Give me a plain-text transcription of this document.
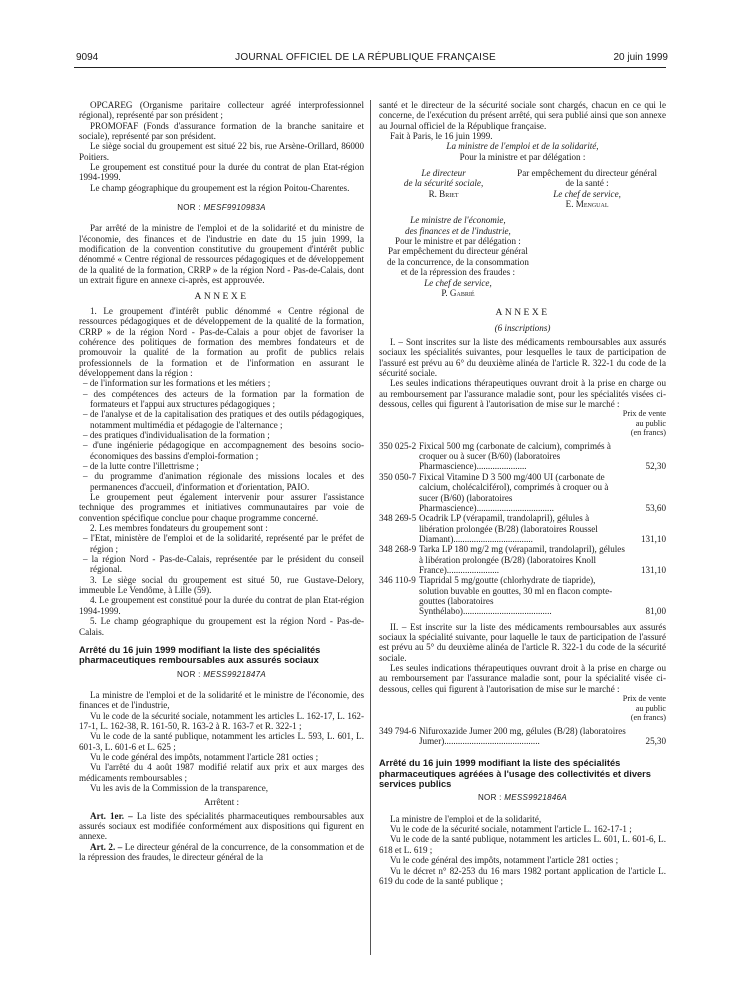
9094	JOURNAL OFFICIEL DE LA RÉPUBLIQUE FRANÇAISE	20 juin 1999

OPCAREG (Organisme paritaire collecteur agréé interprofessionnel régional), représenté par son président ;

PROMOFAF (Fonds d'assurance formation de la branche sanitaire et sociale), représenté par son président.

Le siège social du groupement est situé 22 bis, rue Arsène-Orillard, 86000 Poitiers.

Le groupement est constitué pour la durée du contrat de plan Etat-région 1994-1999.

Le champ géographique du groupement est la région Poitou-Charentes.

NOR : MESF9910983A

Par arrêté de la ministre de l'emploi et de la solidarité et du ministre de l'économie, des finances et de l'industrie en date du 15 juin 1999, la modification de la convention constitutive du groupement d'intérêt public dénommé « Centre régional de ressources pédagogiques et de développement de la qualité de la formation, CRRP » de la région Nord - Pas-de-Calais, dont un extrait figure en annexe ci-après, est approuvée.

ANNEXE

1. Le groupement d'intérêt public dénommé « Centre régional de ressources pédagogiques et de développement de la qualité de la formation, CRRP » de la région Nord - Pas-de-Calais a pour objet de favoriser la cohérence des politiques de formation des membres fondateurs et de promouvoir la qualité de la formation au profit de publics relais professionnels de la formation et de l'information en assurant le développement dans la région :

– de l'information sur les formations et les métiers ;

– des compétences des acteurs de la formation par la formation de formateurs et l'appui aux structures pédagogiques ;

– de l'analyse et de la capitalisation des pratiques et des outils pédagogiques, notamment multimédia et pédagogie de l'alternance ;

– des pratiques d'individualisation de la formation ;

– d'une ingénierie pédagogique en accompagnement des besoins socio-économiques des bassins d'emploi-formation ;

– de la lutte contre l'illettrisme ;

– du programme d'animation régionale des missions locales et des permanences d'accueil, d'information et d'orientation, PAIO.

Le groupement peut également intervenir pour assurer l'assistance technique des programmes et initiatives communautaires par voie de convention spécifique conclue pour chaque programme concerné.

2. Les membres fondateurs du groupement sont :

– l'Etat, ministère de l'emploi et de la solidarité, représenté par le préfet de région ;

– la région Nord - Pas-de-Calais, représentée par le président du conseil régional.

3. Le siège social du groupement est situé 50, rue Gustave-Delory, immeuble Le Vendôme, à Lille (59).

4. Le groupement est constitué pour la durée du contrat de plan Etat-région 1994-1999.

5. Le champ géographique du groupement est la région Nord - Pas-de-Calais.

Arrêté du 16 juin 1999 modifiant la liste des spécialités pharmaceutiques remboursables aux assurés sociaux

NOR : MESS9921847A

La ministre de l'emploi et de la solidarité et le ministre de l'économie, des finances et de l'industrie,

Vu le code de la sécurité sociale, notamment les articles L. 162-17, L. 162-17-1, L. 162-38, R. 161-50, R. 163-2 à R. 163-7 et R. 322-1 ;

Vu le code de la santé publique, notamment les articles L. 593, L. 601, L. 601-3, L. 601-6 et L. 625 ;

Vu le code général des impôts, notamment l'article 281 octies ;

Vu l'arrêté du 4 août 1987 modifié relatif aux prix et aux marges des médicaments remboursables ;

Vu les avis de la Commission de la transparence,

Arrêtent :

Art. 1er. – La liste des spécialités pharmaceutiques remboursables aux assurés sociaux est modifiée conformément aux dispositions qui figurent en annexe.

Art. 2. – Le directeur général de la concurrence, de la consommation et de la répression des fraudes, le directeur général de la

santé et le directeur de la sécurité sociale sont chargés, chacun en ce qui le concerne, de l'exécution du présent arrêté, qui sera publié ainsi que son annexe au Journal officiel de la République française.

Fait à Paris, le 16 juin 1999.

La ministre de l'emploi et de la solidarité,

Pour la ministre et par délégation :

Le directeur

de la sécurité sociale,

R. Briet

Par empêchement du directeur général

de la santé :

Le chef de service,

E. Mengual

Le ministre de l'économie,

des finances et de l'industrie,

Pour le ministre et par délégation :

Par empêchement du directeur général

de la concurrence, de la consommation

et de la répression des fraudes :

Le chef de service,

P. Gabrié

ANNEXE

(6 inscriptions)

I. – Sont inscrites sur la liste des médicaments remboursables aux assurés sociaux les spécialités suivantes, pour lesquelles le taux de participation de l'assuré est prévu au 6° du deuxième alinéa de l'article R. 322-1 du code de la sécurité sociale.

Les seules indications thérapeutiques ouvrant droit à la prise en charge ou au remboursement par l'assurance maladie sont, pour les spécialités visées ci-dessous, celles qui figurent à l'autorisation de mise sur le marché :

Prix de vente
au public
(en francs)
350 025-2 Fixical 500 mg (carbonate de calcium), comprimés à croquer ou à sucer (B/60) (laboratoires Pharmascience)......................	52,30
350 050-7 Fixical Vitamine D 3 500 mg/400 UI (carbonate de calcium, cholécalciférol), comprimés à croquer ou à sucer (B/60) (laboratoires Pharmascience)..................................	53,60
348 269-5 Ocadrik LP (vérapamil, trandolapril), gélules à libération prolongée (B/28) (laboratoires Roussel Diamant)...................................	131,10
348 268-9 Tarka LP 180 mg/2 mg (vérapamil, trandolapril), gélules à libération prolongée (B/28) (laboratoires Knoll France).......................	131,10
346 110-9 Tiapridal 5 mg/goutte (chlorhydrate de tiapride), solution buvable en gouttes, 30 ml en flacon compte-gouttes (laboratoires Synthélabo).......................................	81,00

II. – Est inscrite sur la liste des médicaments remboursables aux assurés sociaux la spécialité suivante, pour laquelle le taux de participation de l'assuré est prévu au 5° du deuxième alinéa de l'article R. 322-1 du code de la sécurité sociale.

Les seules indications thérapeutiques ouvrant droit à la prise en charge ou au remboursement par l'assurance maladie sont, pour la spécialité visée ci-dessous, celles qui figurent à l'autorisation de mise sur le marché :

Prix de vente
au public
(en francs)
349 794-6 Nifuroxazide Jumer 200 mg, gélules (B/28) (laboratoires Jumer)..........................................	25,30

Arrêté du 16 juin 1999 modifiant la liste des spécialités pharmaceutiques agréées à l'usage des collectivités et divers services publics

NOR : MESS9921846A

La ministre de l'emploi et de la solidarité,

Vu le code de la sécurité sociale, notamment l'article L. 162-17-1 ;

Vu le code de la santé publique, notamment les articles L. 601, L. 601-6, L. 618 et L. 619 ;

Vu le code général des impôts, notamment l'article 281 octies ;

Vu le décret n° 82-253 du 16 mars 1982 portant application de l'article L. 619 du code de la santé publique ;
